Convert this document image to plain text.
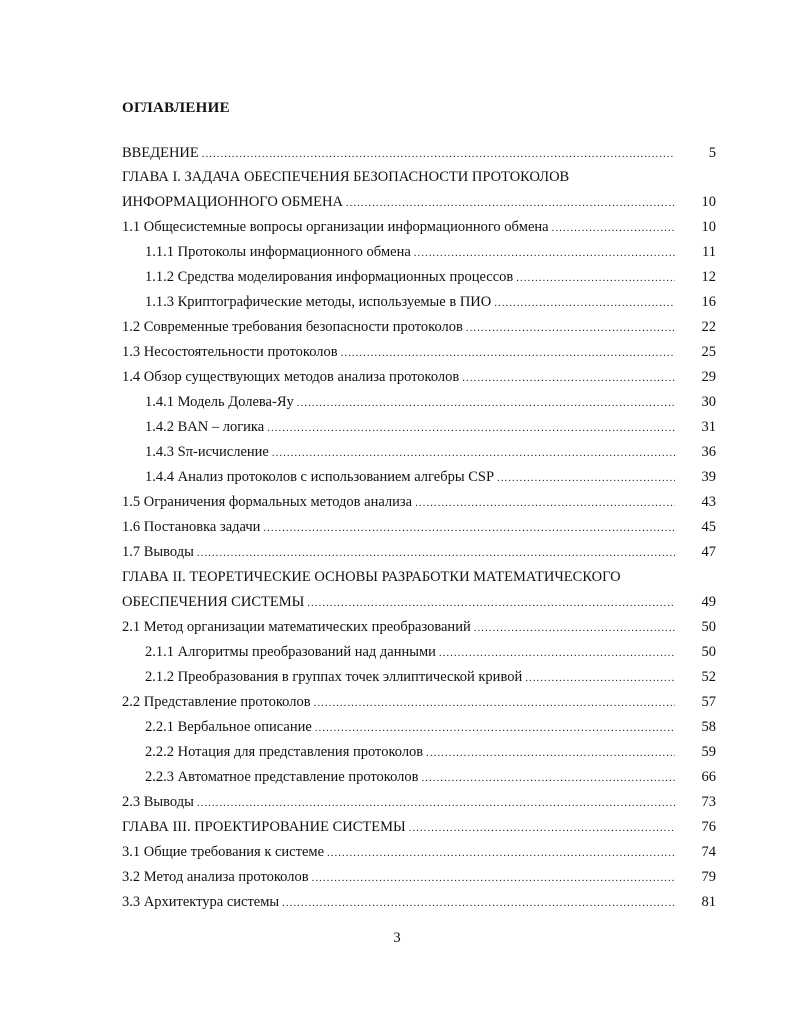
ОГЛАВЛЕНИЕ
ВВЕДЕНИЕ .....	5
ГЛАВА I. ЗАДАЧА ОБЕСПЕЧЕНИЯ БЕЗОПАСНОСТИ ПРОТОКОЛОВ
ИНФОРМАЦИОННОГО ОБМЕНА .....	10
1.1 Общесистемные вопросы организации информационного обмена .....	10
1.1.1 Протоколы информационного обмена .....	11
1.1.2 Средства моделирования информационных процессов .....	12
1.1.3 Криптографические методы, используемые в ПИО .....	16
1.2 Современные требования безопасности протоколов .....	22
1.3 Несостоятельности протоколов .....	25
1.4 Обзор существующих методов анализа протоколов .....	29
1.4.1 Модель Долева-Яу .....	30
1.4.2 BAN – логика .....	31
1.4.3 Sπ-исчисление .....	36
1.4.4 Анализ протоколов с использованием алгебры CSP .....	39
1.5 Ограничения формальных методов анализа .....	43
1.6 Постановка задачи .....	45
1.7 Выводы .....	47
ГЛАВА II. ТЕОРЕТИЧЕСКИЕ ОСНОВЫ РАЗРАБОТКИ МАТЕМАТИЧЕСКОГО
ОБЕСПЕЧЕНИЯ СИСТЕМЫ .....	49
2.1 Метод организации математических преобразований .....	50
2.1.1 Алгоритмы преобразований над данными .....	50
2.1.2 Преобразования в группах точек эллиптической кривой .....	52
2.2 Представление протоколов .....	57
2.2.1 Вербальное описание .....	58
2.2.2 Нотация для представления протоколов .....	59
2.2.3 Автоматное представление протоколов .....	66
2.3 Выводы .....	73
ГЛАВА III. ПРОЕКТИРОВАНИЕ СИСТЕМЫ .....	76
3.1 Общие требования к системе .....	74
3.2 Метод анализа протоколов .....	79
3.3 Архитектура системы .....	81
3
